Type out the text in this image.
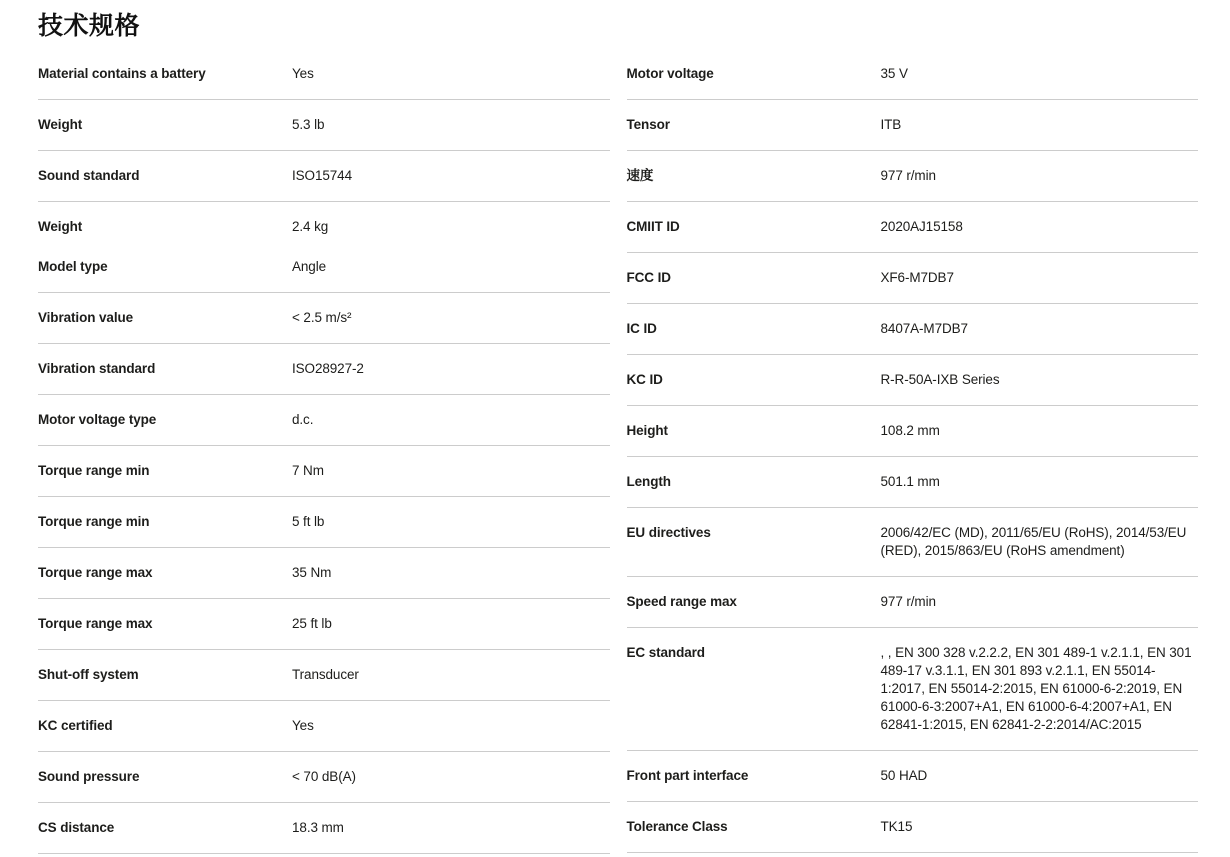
技术规格
Material contains a battery	Yes
Weight	5.3 lb
Sound standard	ISO15744
Weight	2.4 kg
Model type	Angle
Vibration value	< 2.5 m/s²
Vibration standard	ISO28927-2
Motor voltage type	d.c.
Torque range min	7 Nm
Torque range min	5 ft lb
Torque range max	35 Nm
Torque range max	25 ft lb
Shut-off system	Transducer
KC certified	Yes
Sound pressure	< 70 dB(A)
CS distance	18.3 mm
Motor voltage	35 V
Tensor	ITB
速度	977 r/min
CMIIT ID	2020AJ15158
FCC ID	XF6-M7DB7
IC ID	8407A-M7DB7
KC ID	R-R-50A-IXB Series
Height	108.2 mm
Length	501.1 mm
EU directives	2006/42/EC (MD), 2011/65/EU (RoHS), 2014/53/EU (RED), 2015/863/EU (RoHS amendment)
Speed range max	977 r/min
EC standard	, , EN 300 328 v.2.2.2, EN 301 489-1 v.2.1.1, EN 301 489-17 v.3.1.1, EN 301 893 v.2.1.1, EN 55014-1:2017, EN 55014-2:2015, EN 61000-6-2:2019, EN 61000-6-3:2007+A1, EN 61000-6-4:2007+A1, EN 62841-1:2015, EN 62841-2-2:2014/AC:2015
Front part interface	50 HAD
Tolerance Class	TK15
